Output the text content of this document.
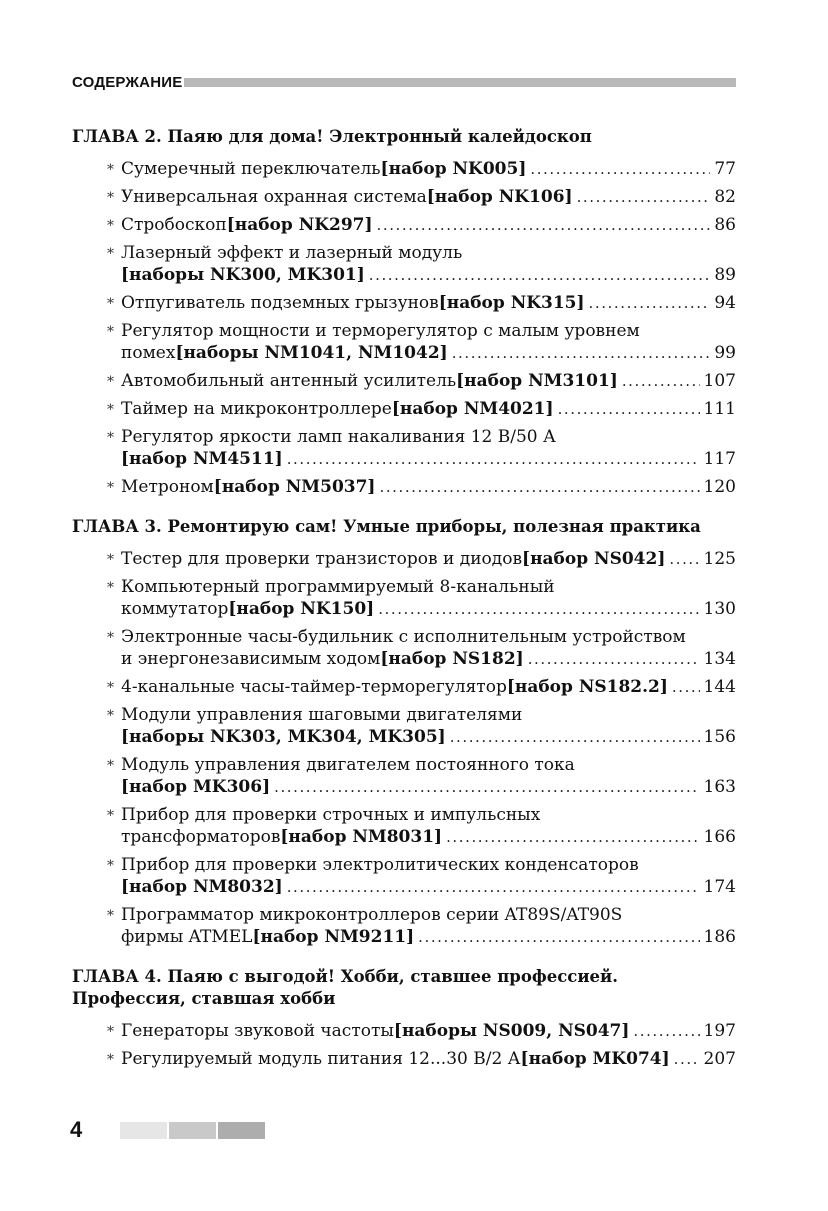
СОДЕРЖАНИЕ
ГЛАВА 2. Паяю для дома! Электронный калейдоскоп
* Сумеречный переключатель [набор NK005] . . .	77
* Универсальная охранная система [набор NK106] . . .	82
* Стробоскоп [набор NK297] . . .	86
* Лазерный эффект и лазерный модуль
[наборы NK300, MK301] . . .	89
* Отпугиватель подземных грызунов [набор NK315] . . .	94
* Регулятор мощности и терморегулятор с малым уровнем
помех [наборы NM1041, NM1042] . . .	99
* Автомобильный антенный усилитель [набор NM3101] . . .	107
* Таймер на микроконтроллере [набор NM4021] . . .	111
* Регулятор яркости ламп накаливания 12 В/50 А
[набор NM4511] . . .	117
* Метроном [набор NM5037] . . .	120
ГЛАВА 3. Ремонтирую сам! Умные приборы, полезная практика
* Тестер для проверки транзисторов и диодов [набор NS042] . . . 125
* Компьютерный программируемый 8-канальный
коммутатор [набор NK150] . . .	130
* Электронные часы-будильник с исполнительным устройством
и энергонезависимым ходом [набор NS182] . . .	134
* 4-канальные часы-таймер-терморегулятор [набор NS182.2] . . . 144
* Модули управления шаговыми двигателями
[наборы NK303, MK304, MK305] . . .	156
* Модуль управления двигателем постоянного тока
[набор MK306] . . .	163
* Прибор для проверки строчных и импульсных
трансформаторов [набор NM8031] . . .	166
* Прибор для проверки электролитических конденсаторов
[набор NM8032] . . .	174
* Программатор микроконтроллеров серии AT89S/AT90S
фирмы ATMEL [набор NM9211] . . .	186
ГЛАВА 4. Паяю с выгодой! Хобби, ставшее профессией. Профессия, ставшая хобби
* Генераторы звуковой частоты [наборы NS009, NS047] . . .	197
* Регулируемый модуль питания 12...30 В/2 А [набор MK074] . . . 207
4
